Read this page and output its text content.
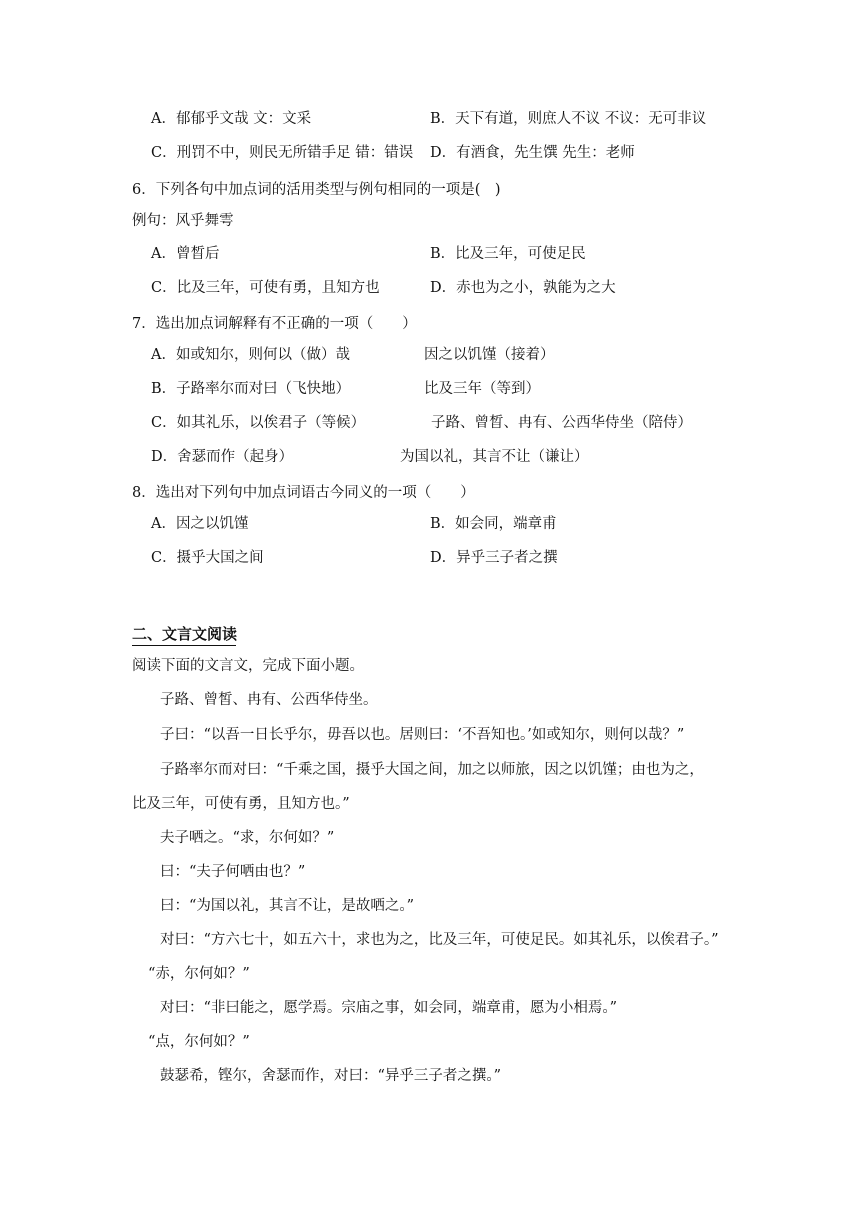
A．郁郁乎文哉 文：文采	B．天下有道，则庶人不议 不议：无可非议
C．刑罚不中，则民无所错手足 错：错误 D．有酒食，先生馔 先生：老师
6．下列各句中加点词的活用类型与例句相同的一项是(　)
例句：风乎舞雩
A．曾晳后	B．比及三年，可使足民
C．比及三年，可使有勇，且知方也	D．赤也为之小，孰能为之大
7．选出加点词解释有不正确的一项（　　）
A．如或知尔，则何以（做）哉	因之以饥馑（接着）
B．子路率尔而对曰（飞快地）	比及三年（等到）
C．如其礼乐，以俟君子（等候）	子路、曾晳、冉有、公西华侍坐（陪侍）
D．舍瑟而作（起身）	为国以礼，其言不让（谦让）
8．选出对下列句中加点词语古今同义的一项（　　）
A．因之以饥馑	B．如会同，端章甫
C．摄乎大国之间	D．异乎三子者之撰
二、文言文阅读
阅读下面的文言文，完成下面小题。
子路、曾皙、冉有、公西华侍坐。
子曰：“以吾一日长乎尔，毋吾以也。居则曰：‘不吾知也。’如或知尔，则何以哉？”
子路率尔而对曰：“千乘之国，摄乎大国之间，加之以师旅，因之以饥馑；由也为之，
比及三年，可使有勇，且知方也。”
夫子哂之。“求，尔何如？”
曰：“夫子何哂由也？”
曰：“为国以礼，其言不让，是故哂之。”
对曰：“方六七十，如五六十，求也为之，比及三年，可使足民。如其礼乐，以俟君子。”
“赤，尔何如？”
对曰：“非曰能之，愿学焉。宗庙之事，如会同，端章甫，愿为小相焉。”
“点，尔何如？”
鼓瑟希，铿尔，舍瑟而作，对曰：“异乎三子者之撰。”
